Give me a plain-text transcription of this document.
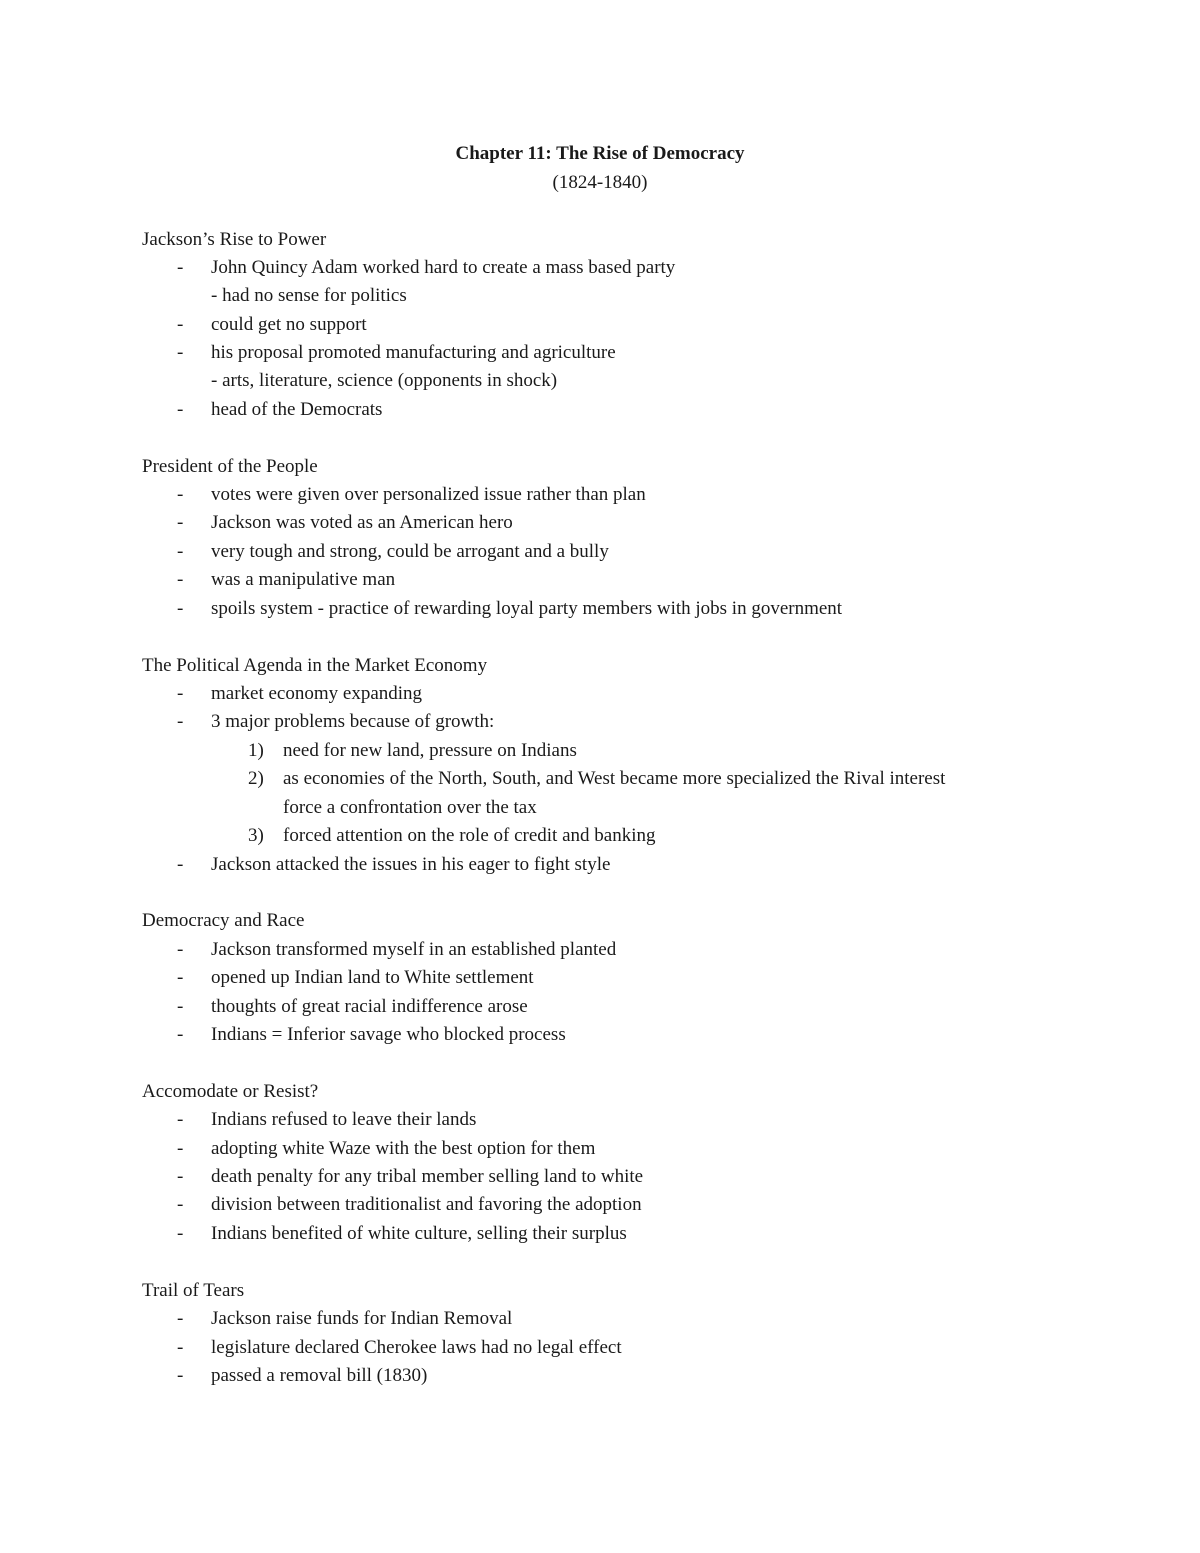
Chapter 11: The Rise of Democracy
(1824-1840)
Jackson’s Rise to Power
- John Quincy Adam worked hard to create a mass based party
- had no sense for politics
- could get no support
- his proposal promoted manufacturing and agriculture
- arts, literature, science (opponents in shock)
- head of the Democrats
President of the People
- votes were given over personalized issue rather than plan
- Jackson was voted as an American hero
- very tough and strong, could be arrogant and a bully
- was a manipulative man
- spoils system - practice of rewarding loyal party members with jobs in government
The Political Agenda in the Market Economy
- market economy expanding
- 3 major problems because of growth:
1) need for new land, pressure on Indians
2) as economies of the North, South, and West became more specialized the Rival interest
force a confrontation over the tax
3) forced attention on the role of credit and banking
- Jackson attacked the issues in his eager to fight style
Democracy and Race
- Jackson transformed myself in an established planted
- opened up Indian land to White settlement
- thoughts of great racial indifference arose
- Indians = Inferior savage who blocked process
Accomodate or Resist?
- Indians refused to leave their lands
- adopting white Waze with the best option for them
- death penalty for any tribal member selling land to white
- division between traditionalist and favoring the adoption
- Indians benefited of white culture, selling their surplus
Trail of Tears
- Jackson raise funds for Indian Removal
- legislature declared Cherokee laws had no legal effect
- passed a removal bill (1830)
